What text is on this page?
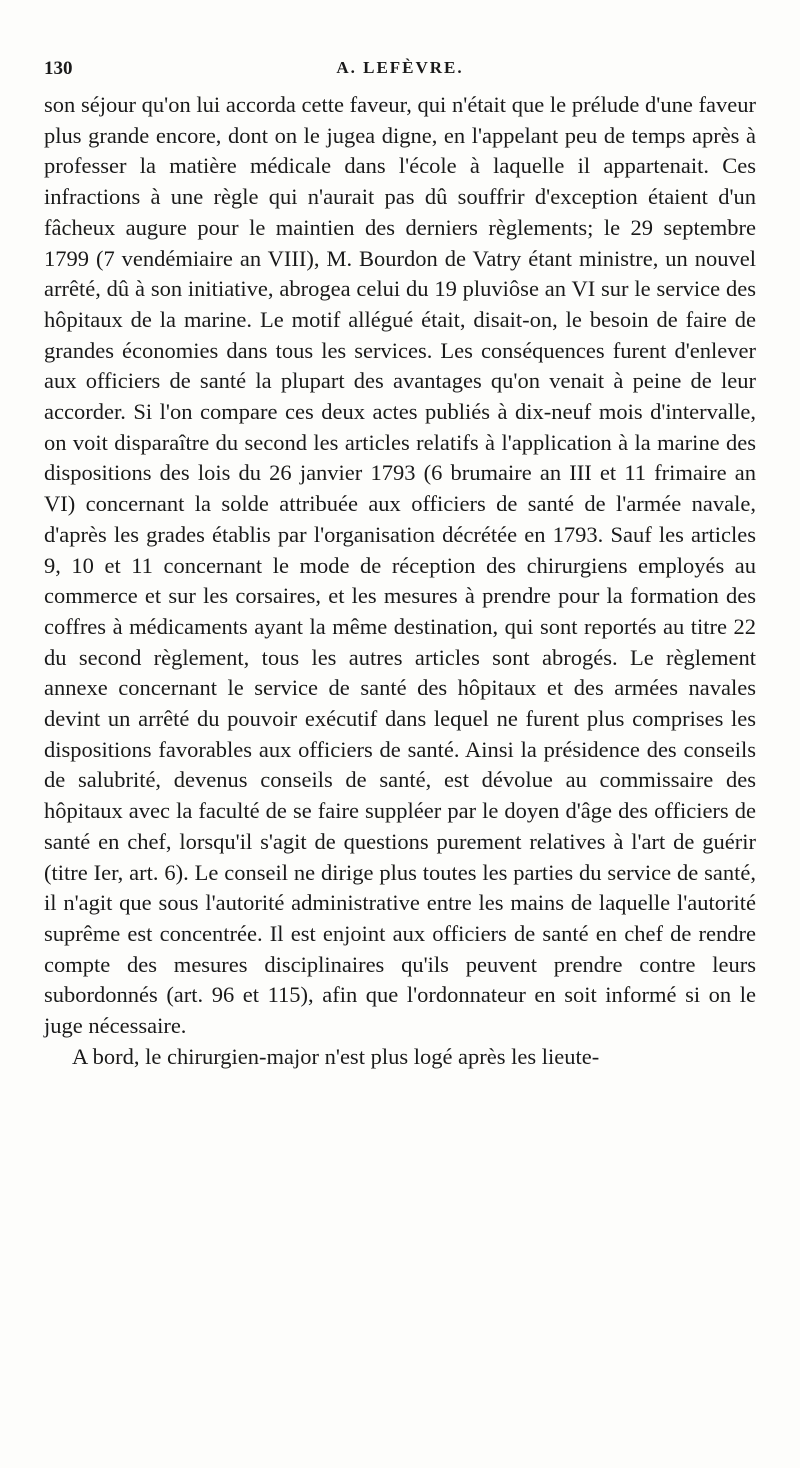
130	A. LEFÈVRE.

son séjour qu'on lui accorda cette faveur, qui n'était que le prélude d'une faveur plus grande encore, dont on le jugea digne, en l'appelant peu de temps après à professer la matière médicale dans l'école à laquelle il appartenait. Ces infractions à une règle qui n'aurait pas dû souffrir d'exception étaient d'un fâcheux augure pour le maintien des derniers règlements; le 29 septembre 1799 (7 vendémiaire an VIII), M. Bourdon de Vatry étant ministre, un nouvel arrêté, dû à son initiative, abrogea celui du 19 pluviôse an VI sur le service des hôpitaux de la marine. Le motif allégué était, disait-on, le besoin de faire de grandes économies dans tous les services. Les conséquences furent d'enlever aux officiers de santé la plupart des avantages qu'on venait à peine de leur accorder. Si l'on compare ces deux actes publiés à dix-neuf mois d'intervalle, on voit disparaître du second les articles relatifs à l'application à la marine des dispositions des lois du 26 janvier 1793 (6 brumaire an III et 11 frimaire an VI) concernant la solde attribuée aux officiers de santé de l'armée navale, d'après les grades établis par l'organisation décrétée en 1793. Sauf les articles 9, 10 et 11 concernant le mode de réception des chirurgiens employés au commerce et sur les corsaires, et les mesures à prendre pour la formation des coffres à médicaments ayant la même destination, qui sont reportés au titre 22 du second règlement, tous les autres articles sont abrogés. Le règlement annexe concernant le service de santé des hôpitaux et des armées navales devint un arrêté du pouvoir exécutif dans lequel ne furent plus comprises les dispositions favorables aux officiers de santé. Ainsi la présidence des conseils de salubrité, devenus conseils de santé, est dévolue au commissaire des hôpitaux avec la faculté de se faire suppléer par le doyen d'âge des officiers de santé en chef, lorsqu'il s'agit de questions purement relatives à l'art de guérir (titre Ier, art. 6). Le conseil ne dirige plus toutes les parties du service de santé, il n'agit que sous l'autorité administrative entre les mains de laquelle l'autorité suprême est concentrée. Il est enjoint aux officiers de santé en chef de rendre compte des mesures disciplinaires qu'ils peuvent prendre contre leurs subordonnés (art. 96 et 115), afin que l'ordonnateur en soit informé si on le juge nécessaire.

A bord, le chirurgien-major n'est plus logé après les lieute-
